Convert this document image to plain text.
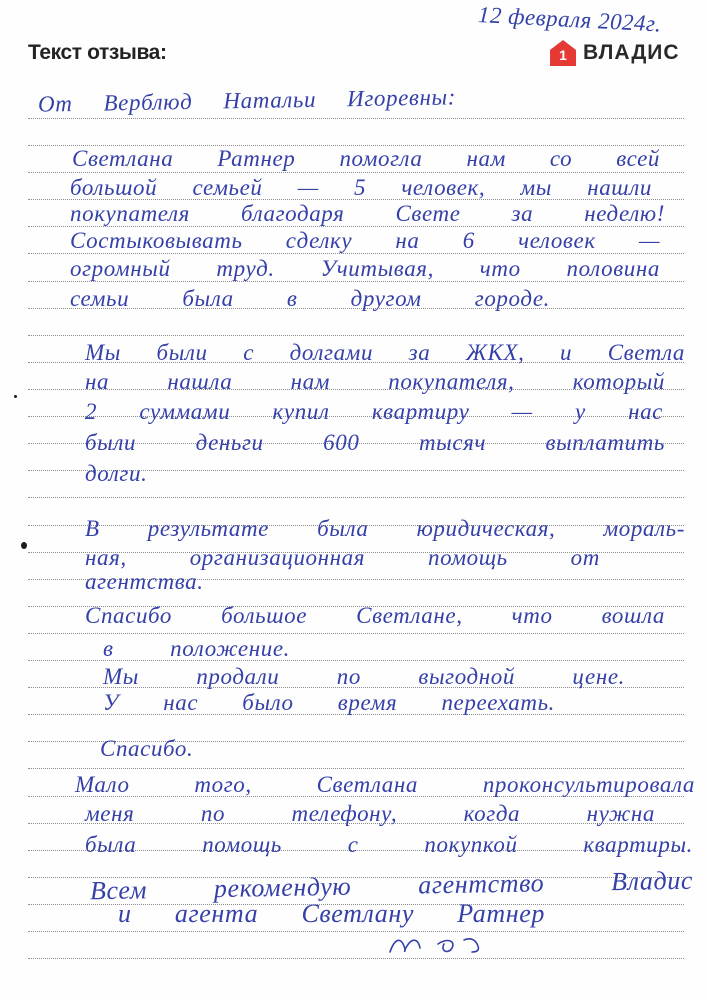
12 февраля 2024г.
Текст отзыва:	1 ВЛАДИС
От Верблюд Натальи Игоревны:
Светлана Ратнер помогла нам со всей
большой семьей — 5 человек, мы нашли
покупателя благодаря Свете за неделю!
Состыковывать сделку на 6 человек —
огромный труд. Учитывая, что половина
семьи была в другом городе.
Мы были с долгами за ЖКХ, и Светла
на нашла нам покупателя, который
2 суммами купил квартиру — у нас
были деньги 600 тысяч выплатить
долги.
В результате была юридическая, мораль-
ная, организационная помощь от
агентства.
Спасибо большое Светлане, что вошла
в положение.
Мы продали по выгодной цене.
У нас было время переехать.
Спасибо.
Мало того, Светлана проконсультировала
меня по телефону, когда нужна
была помощь с покупкой квартиры.
Всем рекомендую агентство Владис
и агента Светлану Ратнер
